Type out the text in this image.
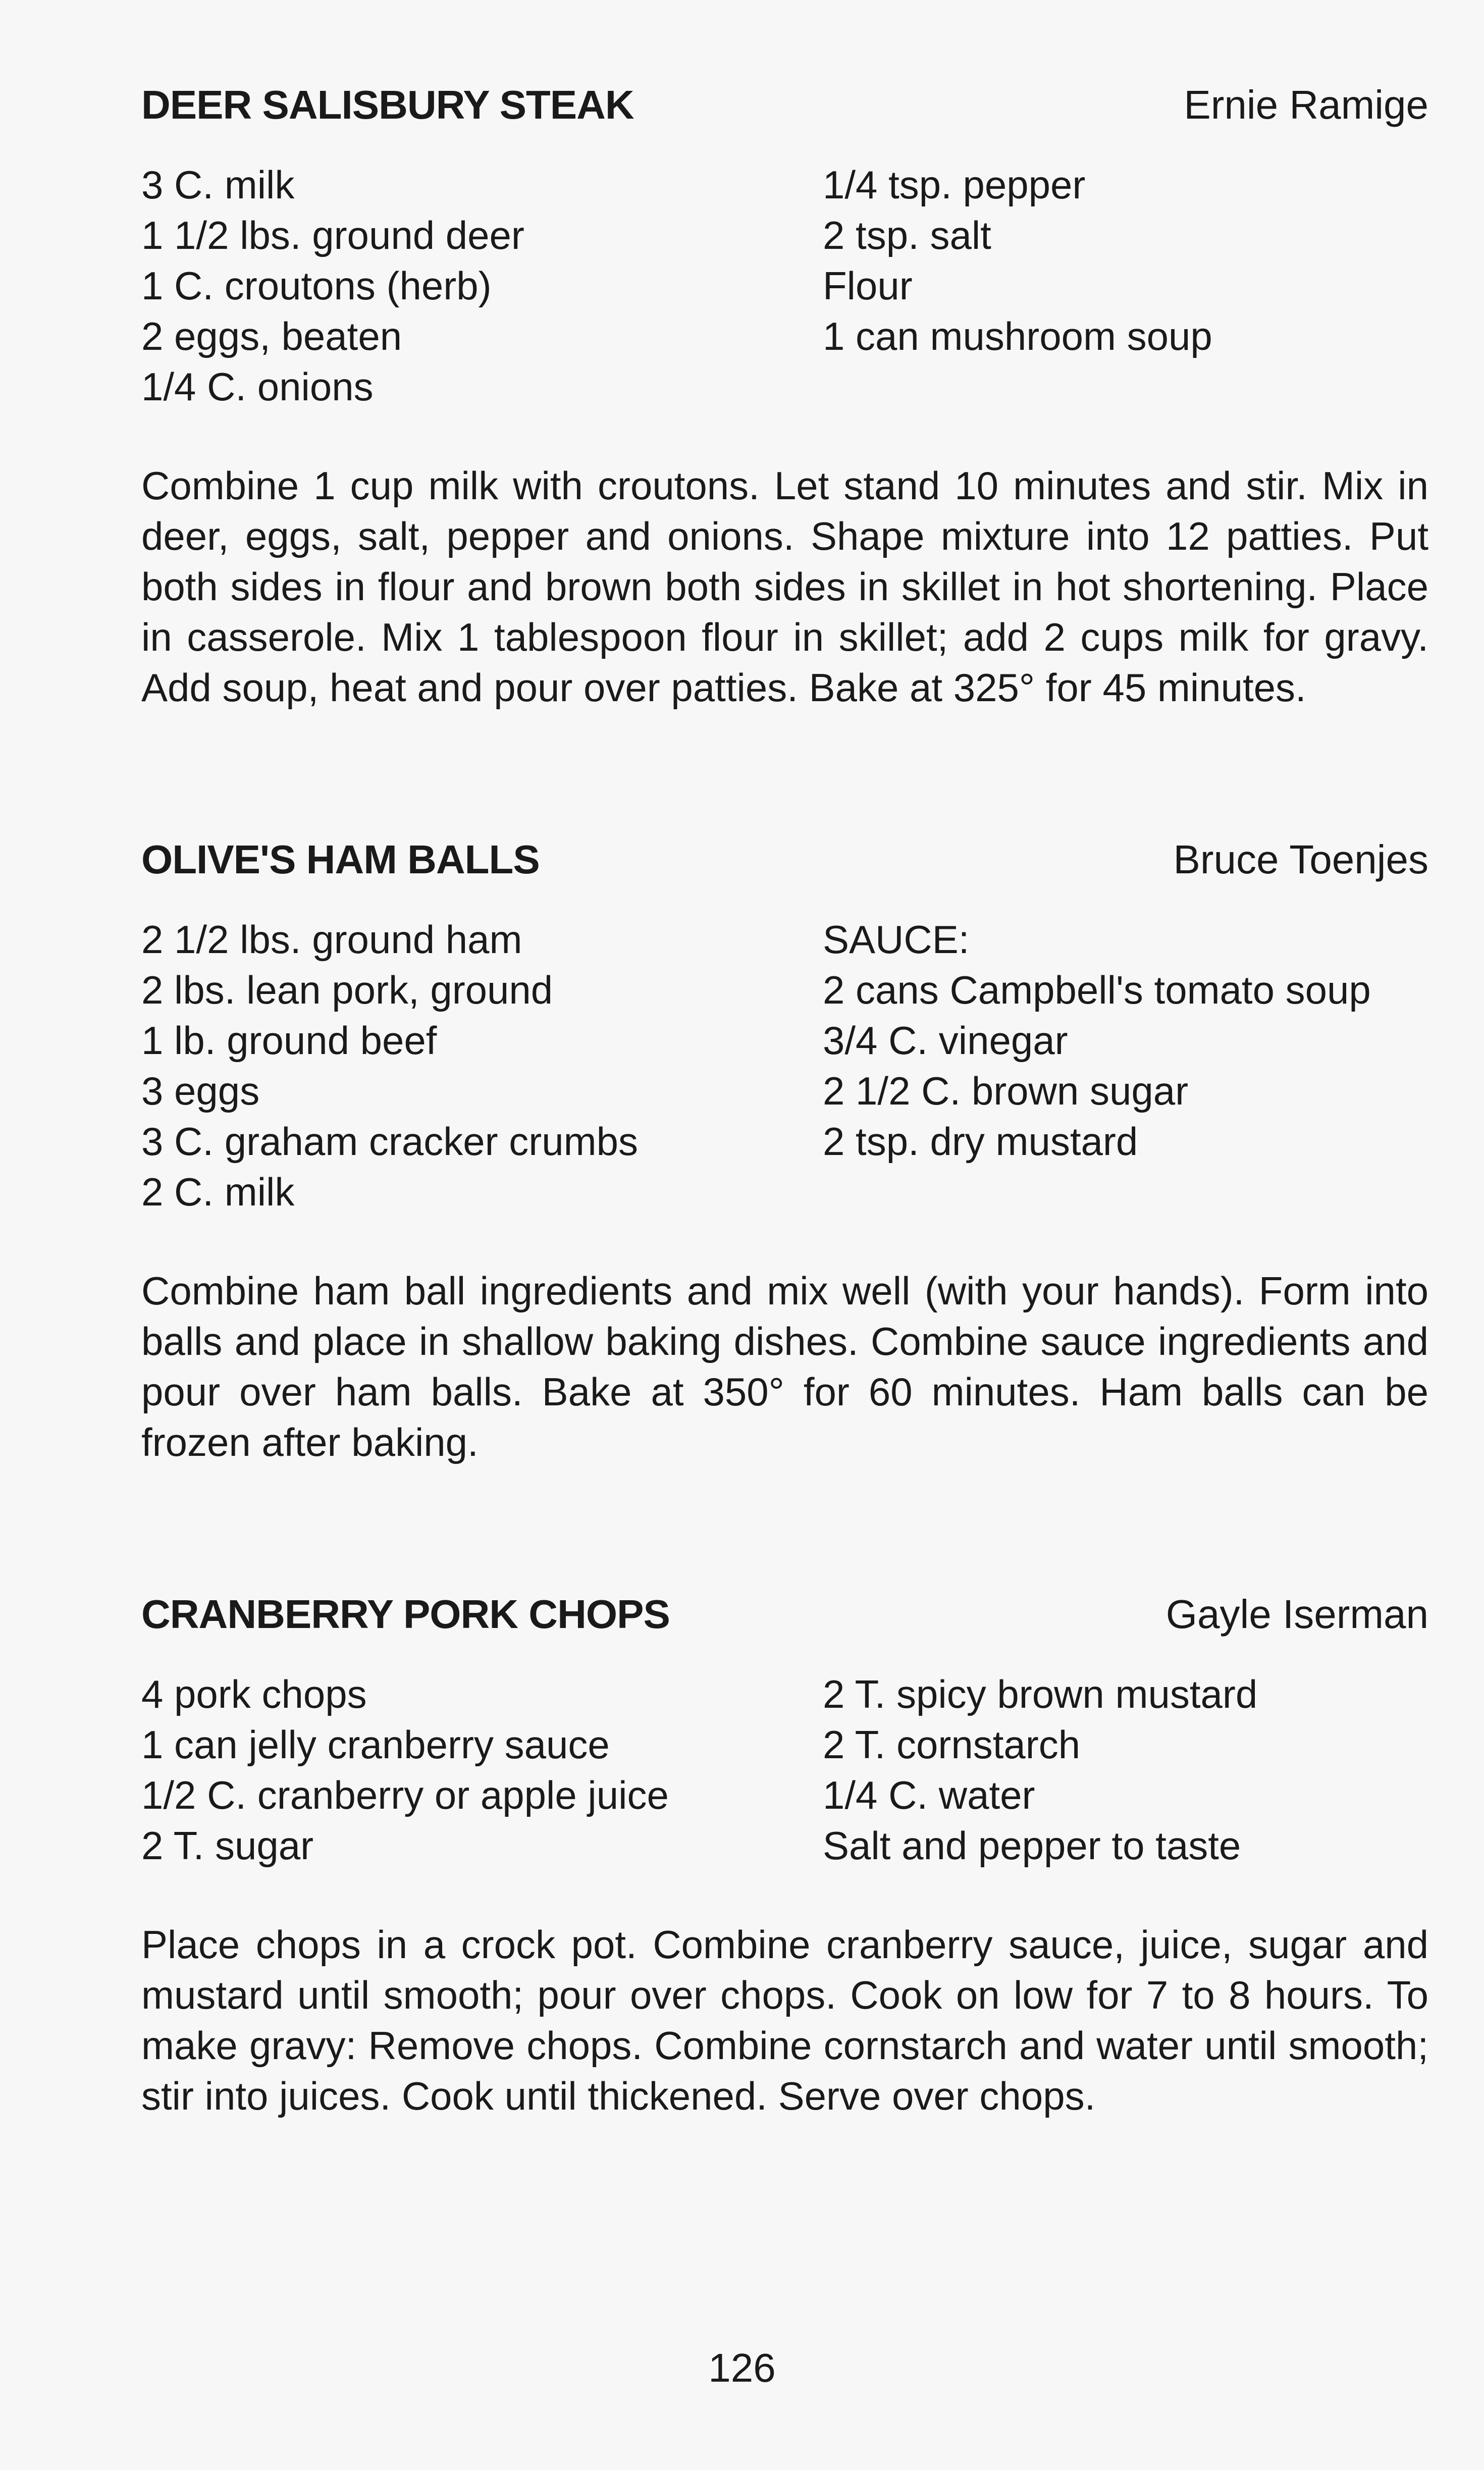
DEER SALISBURY STEAK	Ernie Ramige
3 C. milk
1 1/2 lbs. ground deer
1 C. croutons (herb)
2 eggs, beaten
1/4 C. onions
1/4 tsp. pepper
2 tsp. salt
Flour
1 can mushroom soup

Combine 1 cup milk with croutons. Let stand 10 minutes and stir. Mix in deer, eggs, salt, pepper and onions. Shape mixture into 12 patties. Put both sides in flour and brown both sides in skillet in hot shortening. Place in casserole. Mix 1 tablespoon flour in skillet; add 2 cups milk for gravy. Add soup, heat and pour over patties. Bake at 325° for 45 minutes.

OLIVE'S HAM BALLS	Bruce Toenjes
2 1/2 lbs. ground ham
2 lbs. lean pork, ground
1 lb. ground beef
3 eggs
3 C. graham cracker crumbs
2 C. milk
SAUCE:
2 cans Campbell's tomato soup
3/4 C. vinegar
2 1/2 C. brown sugar
2 tsp. dry mustard

Combine ham ball ingredients and mix well (with your hands). Form into balls and place in shallow baking dishes. Combine sauce ingredients and pour over ham balls. Bake at 350° for 60 minutes. Ham balls can be frozen after baking.

CRANBERRY PORK CHOPS	Gayle Iserman
4 pork chops
1 can jelly cranberry sauce
1/2 C. cranberry or apple juice
2 T. sugar
2 T. spicy brown mustard
2 T. cornstarch
1/4 C. water
Salt and pepper to taste

Place chops in a crock pot. Combine cranberry sauce, juice, sugar and mustard until smooth; pour over chops. Cook on low for 7 to 8 hours. To make gravy: Remove chops. Combine cornstarch and water until smooth; stir into juices. Cook until thickened. Serve over chops.

126
